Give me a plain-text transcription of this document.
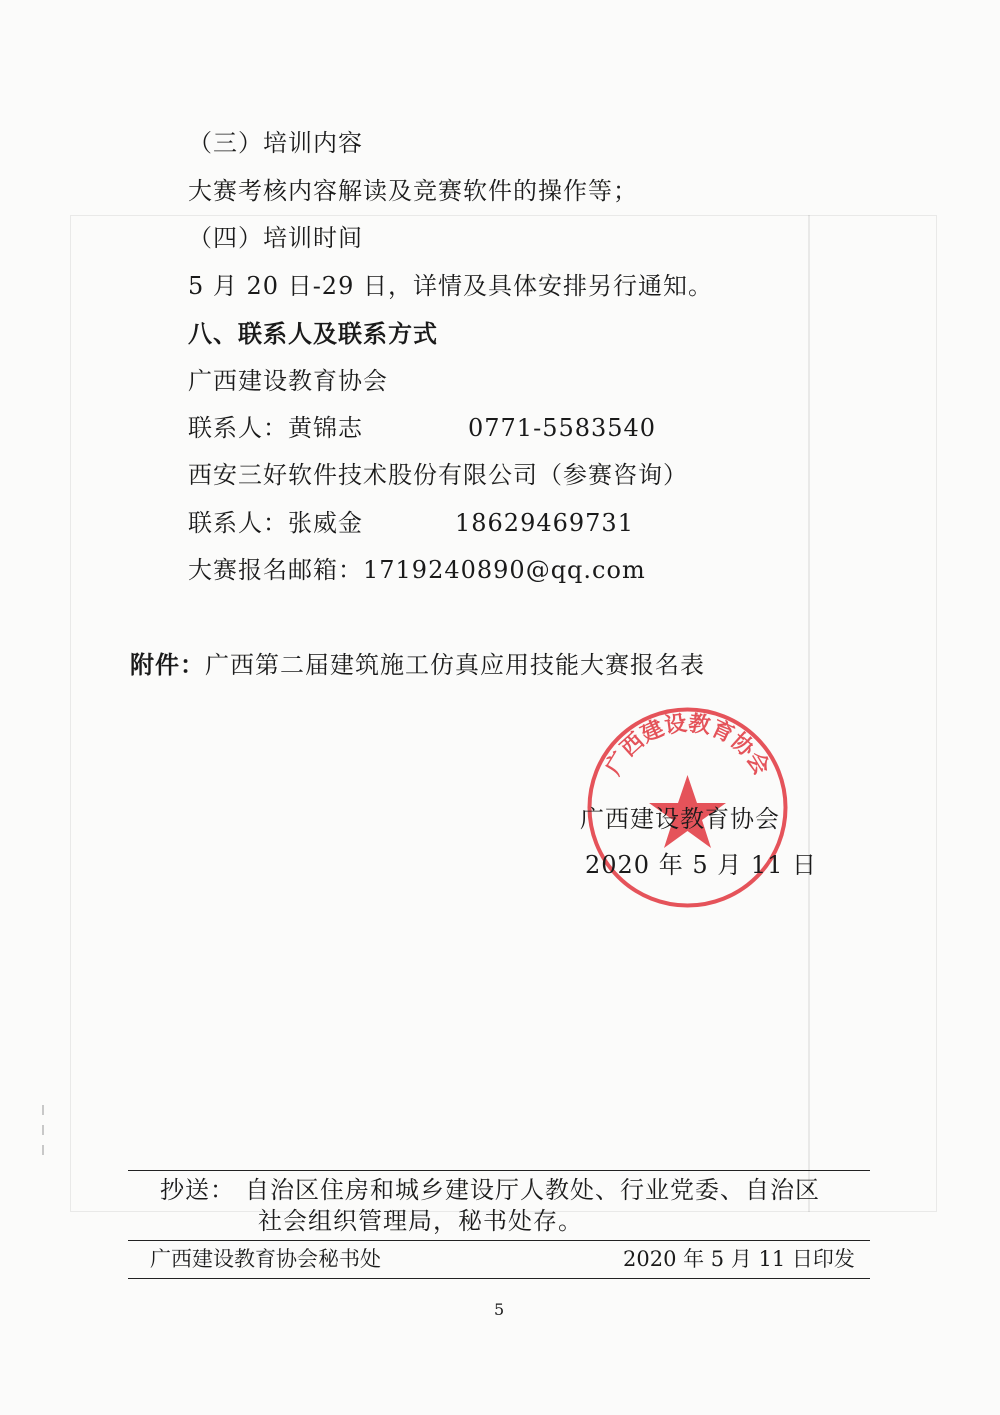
（三）培训内容
大赛考核内容解读及竞赛软件的操作等；
（四）培训时间
5 月 20 日-29 日，详情及具体安排另行通知。
八、联系人及联系方式
广西建设教育协会
联系人：黄锦志	0771-5583540
西安三好软件技术股份有限公司（参赛咨询）
联系人：张威金	18629469731
大赛报名邮箱：1719240890@qq.com
附件：广西第二届建筑施工仿真应用技能大赛报名表
广西建设教育协会
广西建设教育协会
2020 年 5 月 11 日
抄送： 自治区住房和城乡建设厅人教处、行业党委、自治区
社会组织管理局，秘书处存。
广西建设教育协会秘书处	2020 年 5 月 11 日印发
5
